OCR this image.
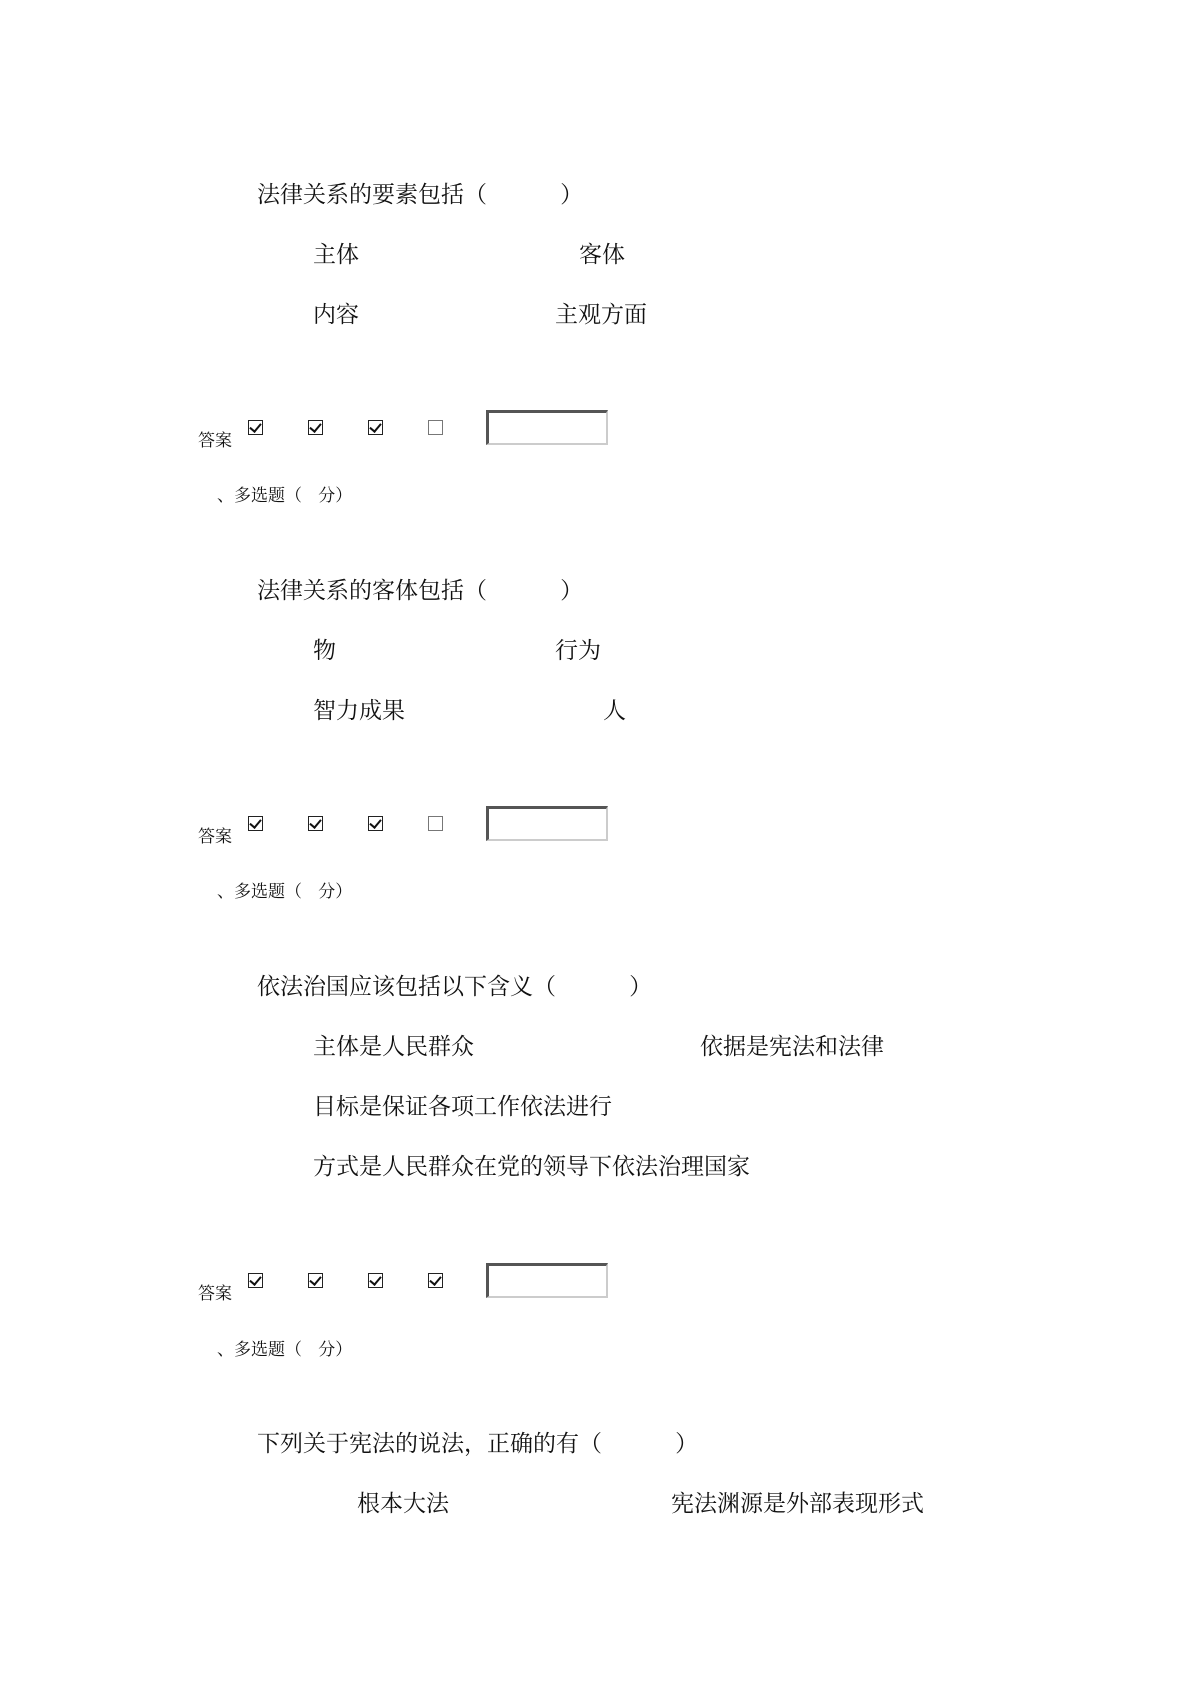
法律关系的要素包括（          ）
主体	客体
内容	主观方面
答案
、多选题（   分）
法律关系的客体包括（          ）
物	行为
智力成果	人
答案
、多选题（   分）
依法治国应该包括以下含义（          ）
主体是人民群众	依据是宪法和法律
目标是保证各项工作依法进行
方式是人民群众在党的领导下依法治理国家
答案
、多选题（   分）
下列关于宪法的说法，正确的有（          ）
根本大法	宪法渊源是外部表现形式
